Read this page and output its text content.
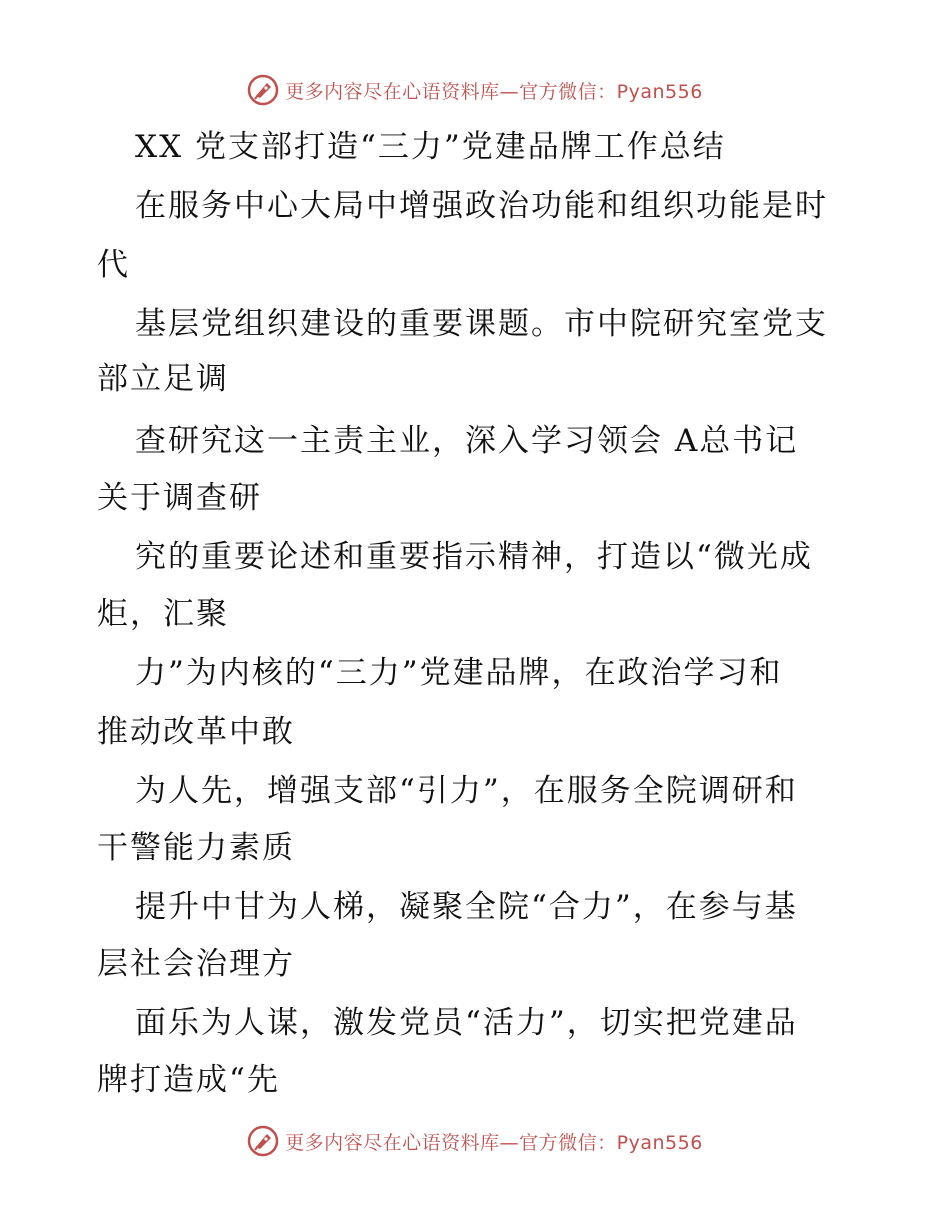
更多内容尽在心语资料库—官方微信：Pyan556
XX 党支部打造“三力”党建品牌工作总结
在服务中心大局中增强政治功能和组织功能是时
代
基层党组织建设的重要课题。市中院研究室党支
部立足调
查研究这一主责主业，深入学习领会 A总书记
关于调查研
究的重要论述和重要指示精神，打造以“微光成
炬，汇聚
力”为内核的“三力”党建品牌，在政治学习和
推动改革中敢
为人先，增强支部“引力”，在服务全院调研和
干警能力素质
提升中甘为人梯，凝聚全院“合力”，在参与基
层社会治理方
面乐为人谋，激发党员“活力”，切实把党建品
牌打造成“先
更多内容尽在心语资料库—官方微信：Pyan556
